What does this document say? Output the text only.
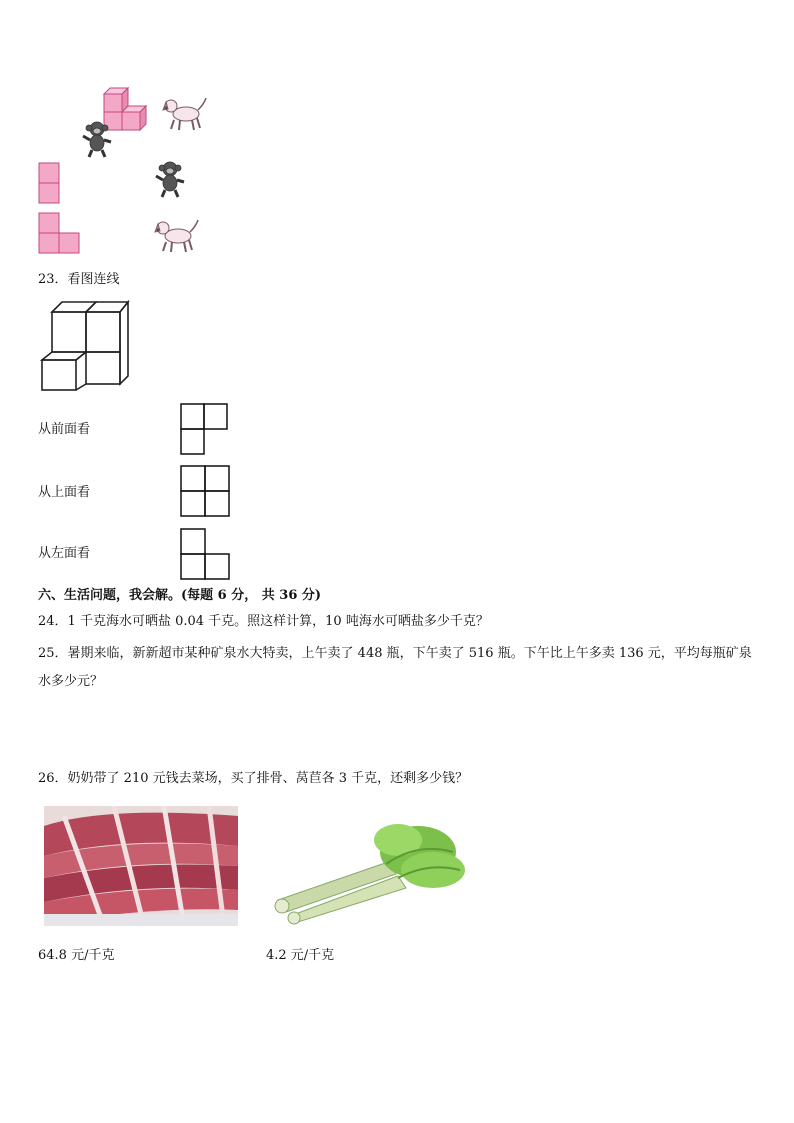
23．看图连线
从前面看
从上面看
从左面看
六、生活问题，我会解。(每题 6 分， 共 36 分)
24．1 千克海水可晒盐 0.04 千克。照这样计算，10 吨海水可晒盐多少千克？
25．暑期来临，新新超市某种矿泉水大特卖，上午卖了 448 瓶，下午卖了 516 瓶。下午比上午多卖 136 元，平均每瓶矿泉水多少元？
26．奶奶带了 210 元钱去菜场，买了排骨、莴苣各 3 千克，还剩多少钱？
64.8 元/千克	4.2 元/千克
